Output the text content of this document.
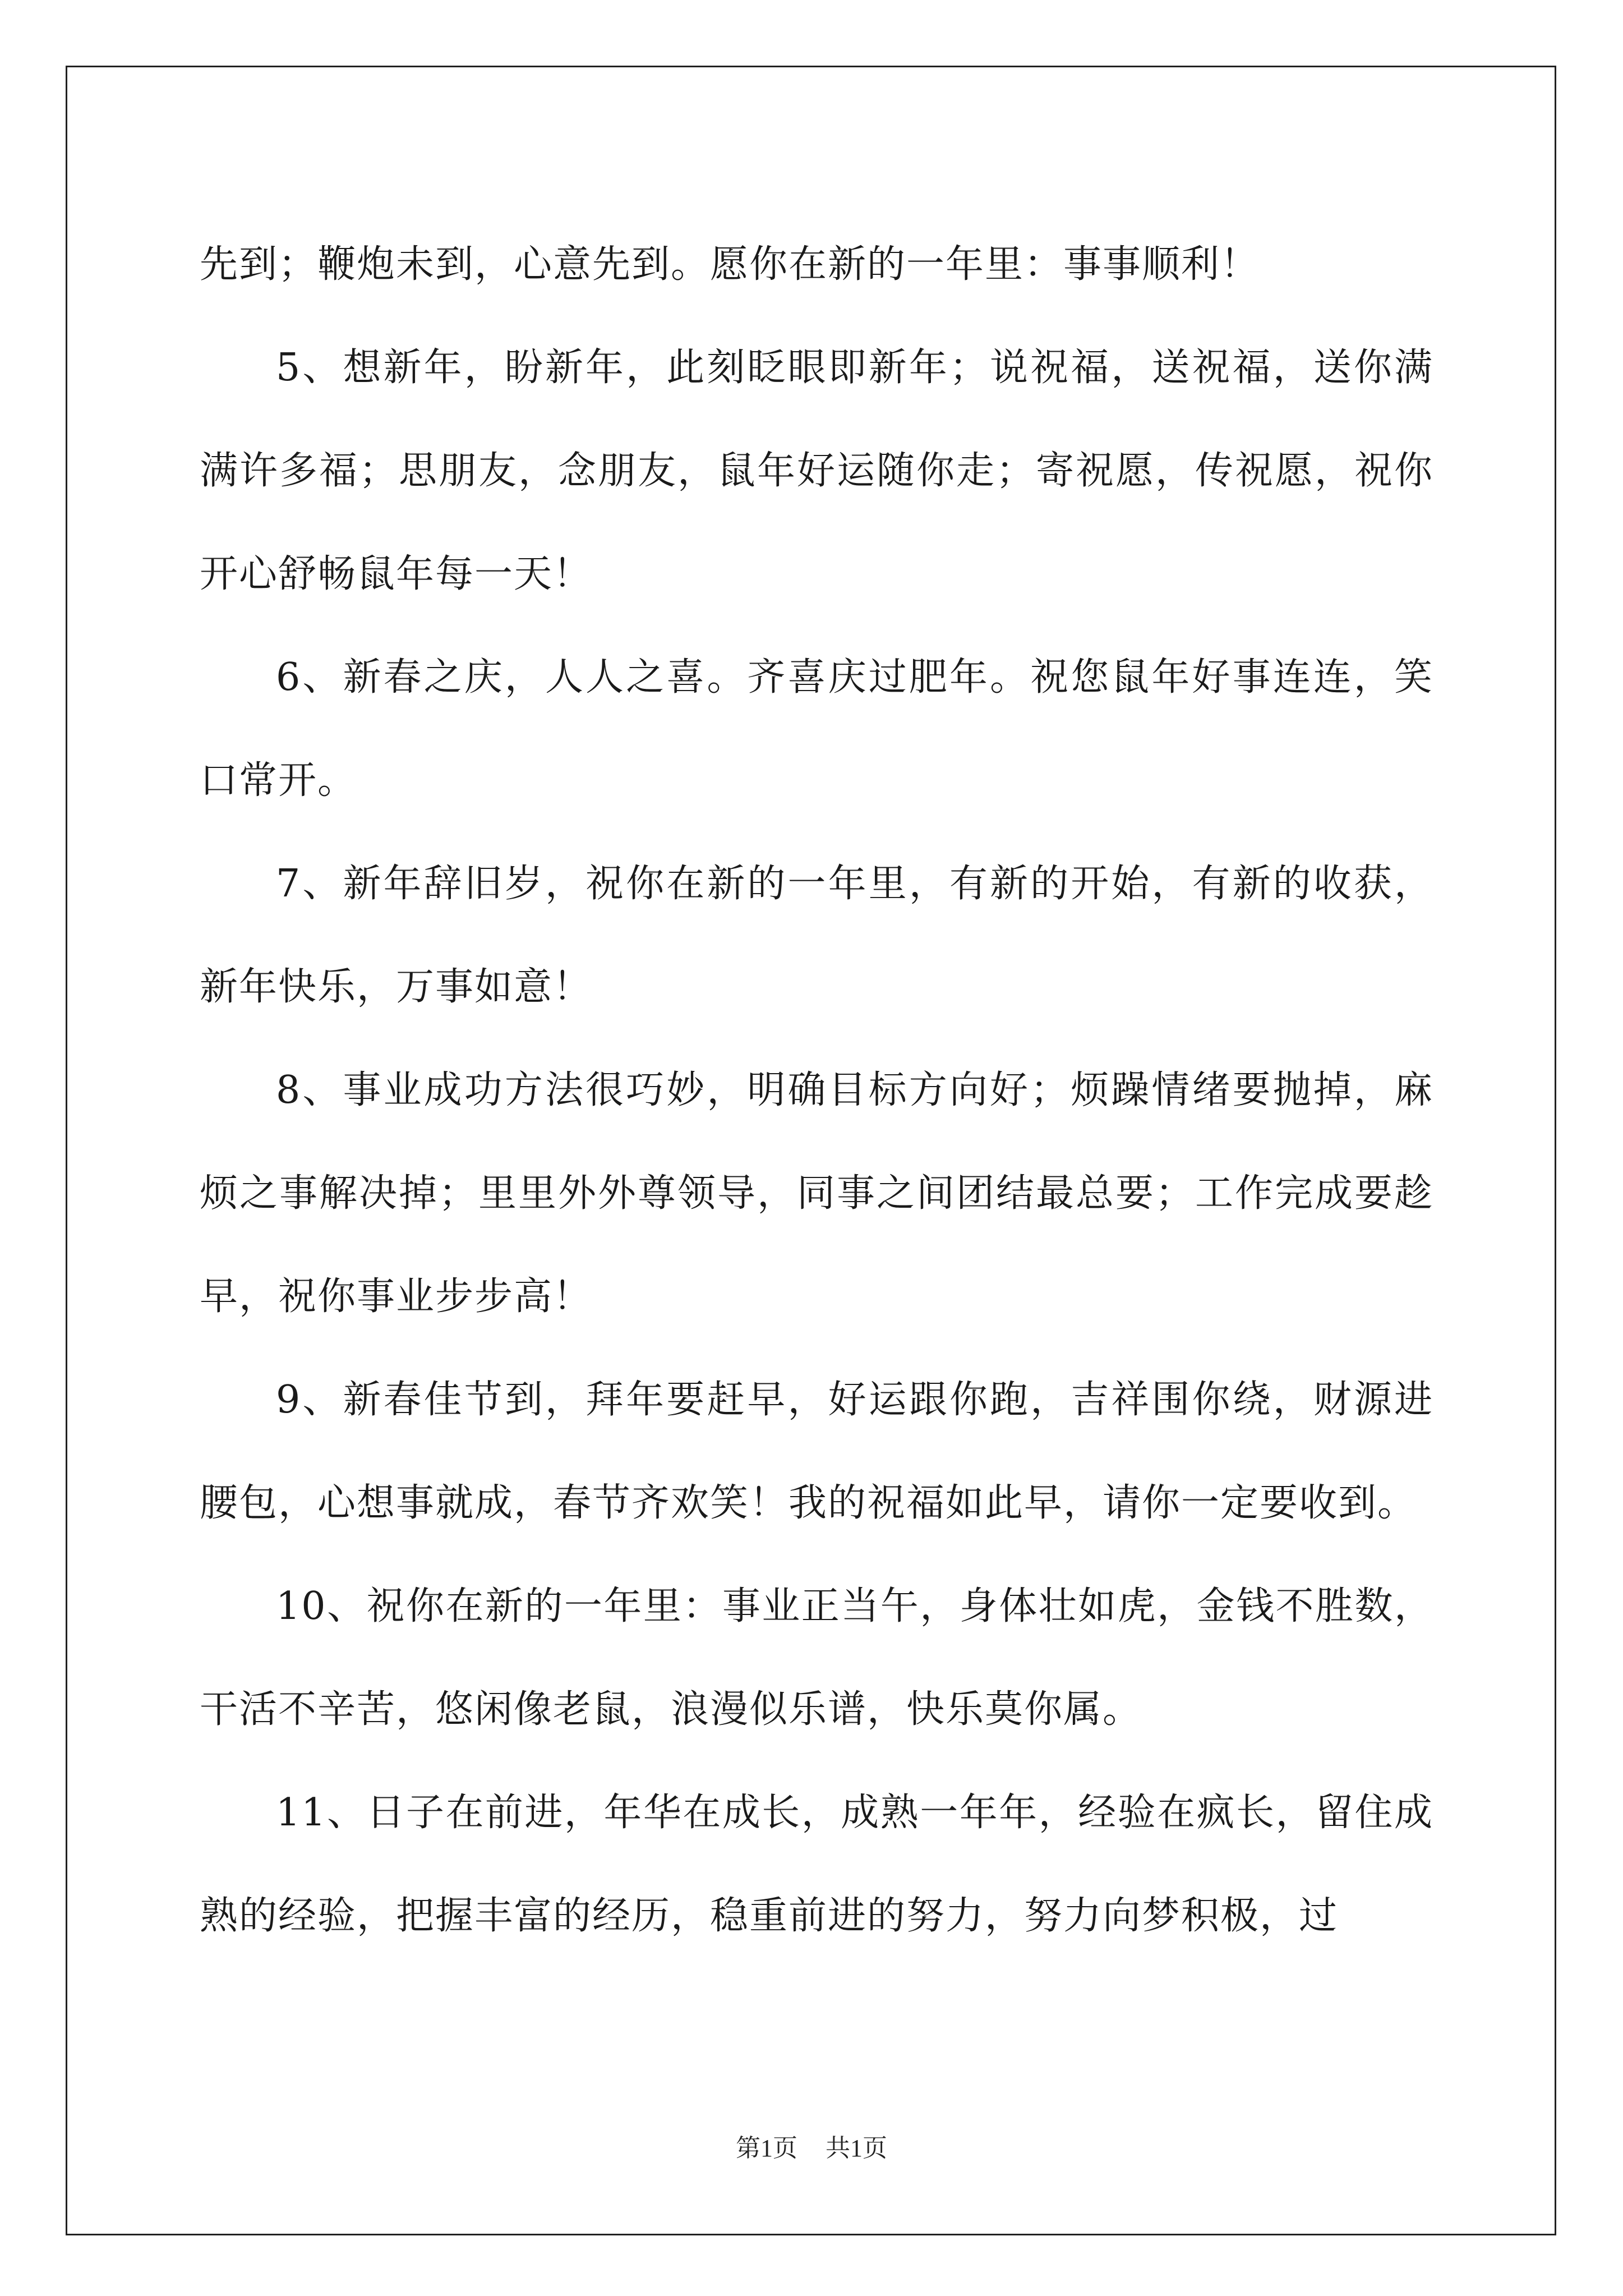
先到；鞭炮未到，心意先到。愿你在新的一年里：事事顺利！

5、想新年，盼新年，此刻眨眼即新年；说祝福，送祝福，送你满满许多福；思朋友，念朋友，鼠年好运随你走；寄祝愿，传祝愿，祝你开心舒畅鼠年每一天！

6、新春之庆，人人之喜。齐喜庆过肥年。祝您鼠年好事连连，笑口常开。

7、新年辞旧岁，祝你在新的一年里，有新的开始，有新的收获，新年快乐，万事如意！

8、事业成功方法很巧妙，明确目标方向好；烦躁情绪要抛掉，麻烦之事解决掉；里里外外尊领导，同事之间团结最总要；工作完成要趁早，祝你事业步步高！

9、新春佳节到，拜年要赶早，好运跟你跑，吉祥围你绕，财源进腰包，心想事就成，春节齐欢笑！我的祝福如此早，请你一定要收到。

10、祝你在新的一年里：事业正当午，身体壮如虎，金钱不胜数，干活不辛苦，悠闲像老鼠，浪漫似乐谱，快乐莫你属。

11、日子在前进，年华在成长，成熟一年年，经验在疯长，留住成熟的经验，把握丰富的经历，稳重前进的努力，努力向梦积极，过

第1页 共1页
